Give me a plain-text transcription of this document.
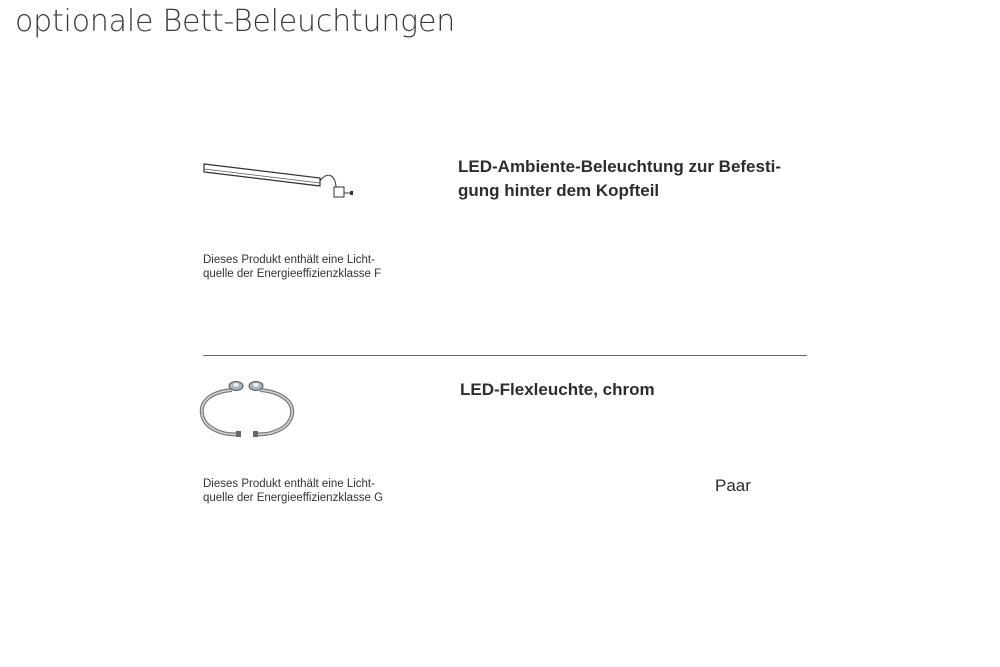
optionale Bett-Beleuchtungen
LED-Ambiente-Beleuchtung zur Befesti-
gung hinter dem Kopfteil
Dieses Produkt enthält eine Licht-
quelle der Energieeffizienzklasse F
LED-Flexleuchte, chrom
Dieses Produkt enthält eine Licht-
quelle der Energieeffizienzklasse G
Paar
